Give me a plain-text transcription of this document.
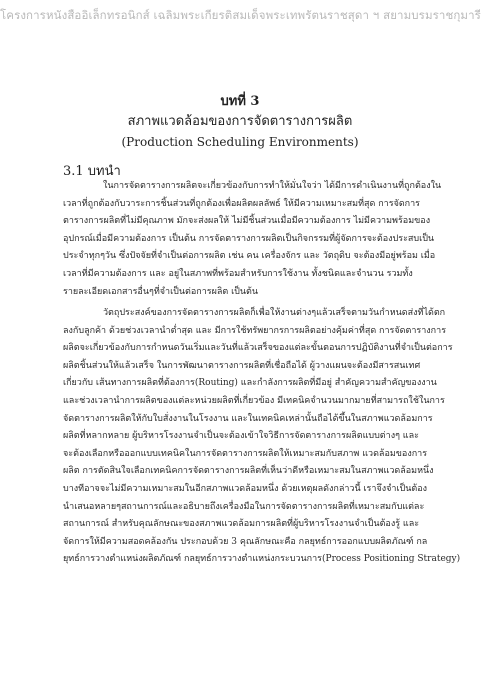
โครงการหนังสืออิเล็กทรอนิกส์ เฉลิมพระเกียรติสมเด็จพระเทพรัตนราชสุดา ฯ สยามบรมราชกุมารี
บทที่ 3
สภาพแวดล้อมของการจัดตารางการผลิต
(Production Scheduling Environments)
3.1 บทนำ
ในการจัดตารางการผลิตจะเกี่ยวข้องกับการทำให้มั่นใจว่า ได้มีการดำเนินงานที่ถูกต้องใน
เวลาที่ถูกต้องกับวาระการชิ้นส่วนที่ถูกต้องเพื่อผลิตผลลัพธ์ ให้มีความเหมาะสมที่สุด การจัดการ
ตารางการผลิตที่ไม่มีคุณภาพ มักจะส่งผลให้ ไม่มีชิ้นส่วนเมื่อมีความต้องการ ไม่มีความพร้อมของ
อุปกรณ์เมื่อมีความต้องการ เป็นต้น การจัดตารางการผลิตเป็นกิจกรรมที่ผู้จัดการจะต้องประสบเป็น
ประจำทุกๆวัน ซึ่งปัจจัยที่จำเป็นต่อการผลิต เช่น คน เครื่องจักร และ วัตถุดิบ จะต้องมีอยู่พร้อม เมื่อ
เวลาที่มีความต้องการ และ อยู่ในสภาพที่พร้อมสำหรับการใช้งาน ทั้งชนิดและจำนวน รวมทั้ง
รายละเอียดเอกสารอื่นๆที่จำเป็นต่อการผลิต เป็นต้น
วัตถุประสงค์ของการจัดตารางการผลิตก็เพื่อให้งานต่างๆแล้วเสร็จตามวันกำหนดส่งที่ได้ตก
ลงกับลูกค้า ด้วยช่วงเวลานำต่ำสุด และ มีการใช้ทรัพยากรการผลิตอย่างคุ้มค่าที่สุด การจัดตารางการ
ผลิตจะเกี่ยวข้องกับการกำหนดวันเริ่มและวันที่แล้วเสร็จของแต่ละขั้นตอนการปฏิบัติงานที่จำเป็นต่อการ
ผลิตชิ้นส่วนให้แล้วเสร็จ ในการพัฒนาตารางการผลิตที่เชื่อถือได้ ผู้วางแผนจะต้องมีสารสนเทศ
เกี่ยวกับ เส้นทางการผลิตที่ต้องการ(Routing) และกำลังการผลิตที่มีอยู่ สำคัญความสำคัญของงาน
และช่วงเวลานำการผลิตของแต่ละหน่วยผลิตที่เกี่ยวข้อง มีเทคนิคจำนวนมากมายที่สามารถใช้ในการ
จัดตารางการผลิตให้กับใบสั่งงานในโรงงาน และในเทคนิคเหล่านั้นถือได้ขึ้นในสภาพแวดล้อมการ
ผลิตที่หลากหลาย ผู้บริหารโรงงานจำเป็นจะต้องเข้าใจวิธีการจัดตารางการผลิตแบบต่างๆ และ
จะต้องเลือกหรือออกแบบเทคนิคในการจัดตารางการผลิตให้เหมาะสมกับสภาพ แวดล้อมของการ
ผลิต การตัดสินใจเลือกเทคนิคการจัดตารางการผลิตที่เห็นว่าดีหรือเหมาะสมในสภาพแวดล้อมหนึ่ง
บางทีอาจจะไม่มีความเหมาะสมในอีกสภาพแวดล้อมหนึ่ง ด้วยเหตุผลดังกล่าวนี้ เราจึงจำเป็นต้อง
นำเสนอหลายๆสถานการณ์และอธิบายถึงเครื่องมือในการจัดตารางการผลิตที่เหมาะสมกับแต่ละ
สถานการณ์ สำหรับคุณลักษณะของสภาพแวดล้อมการผลิตที่ผู้บริหารโรงงานจำเป็นต้องรู้ และ
จัดการให้มีความสอดคล้องกัน ประกอบด้วย 3 คุณลักษณะคือ กลยุทธ์การออกแบบผลิตภัณฑ์ กล
ยุทธ์การวางตำแหน่งผลิตภัณฑ์ กลยุทธ์การวางตำแหน่งกระบวนการ(Process Positioning Strategy)
